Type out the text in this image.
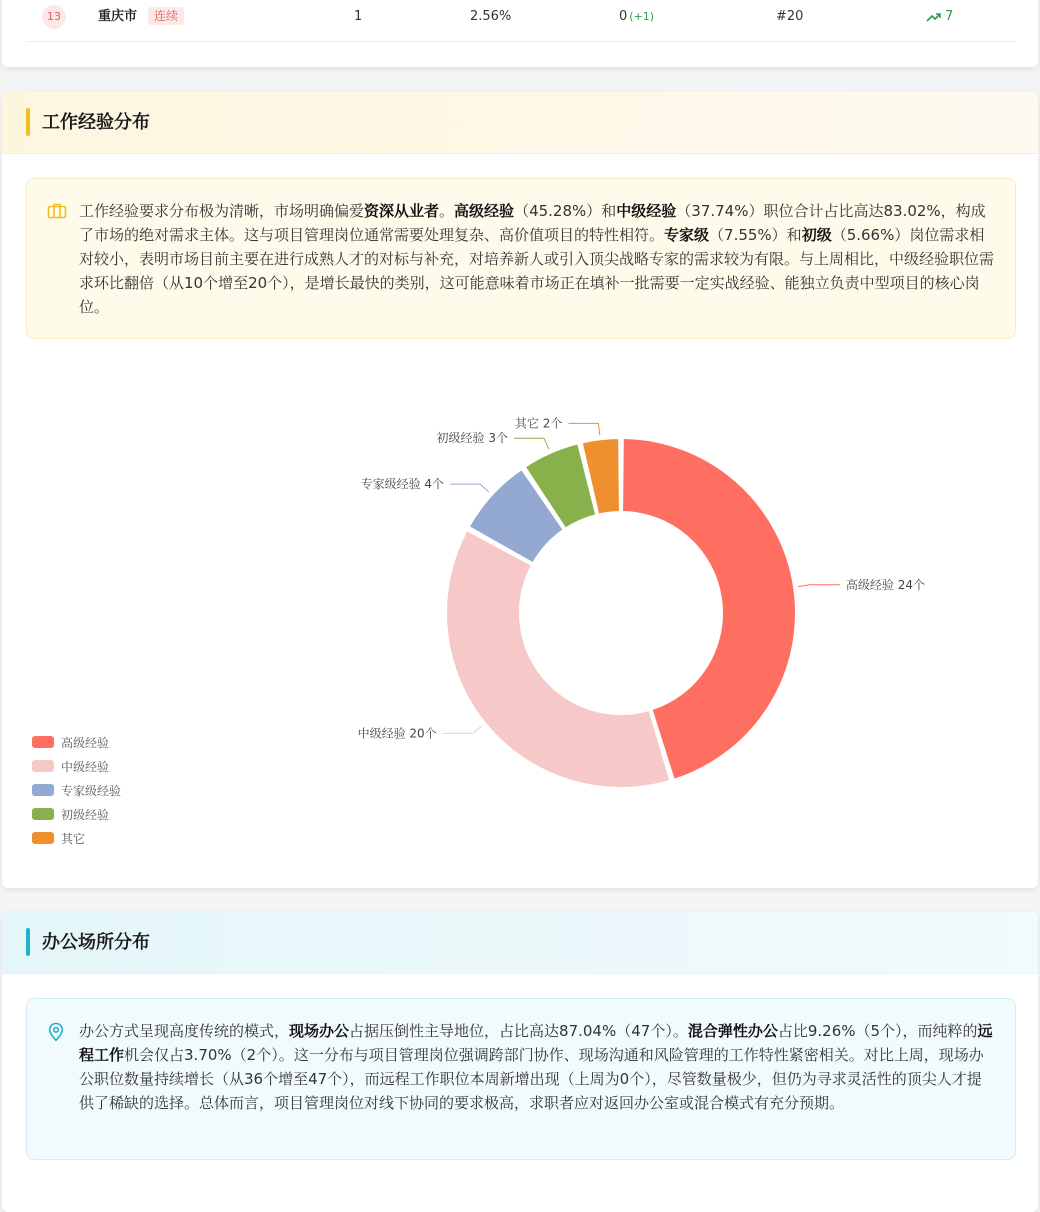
13	重庆市	连续	1	2.56%	0 (+1)	#20	7
工作经验分布

工作经验要求分布极为清晰，市场明确偏爱资深从业者。高级经验（45.28%）和中级经验（37.74%）职位合计占比高达83.02%，构成了市场的绝对需求主体。这与项目管理岗位通常需要处理复杂、高价值项目的特性相符。专家级（7.55%）和初级（5.66%）岗位需求相对较小，表明市场目前主要在进行成熟人才的对标与补充，对培养新人或引入顶尖战略专家的需求较为有限。与上周相比，中级经验职位需求环比翻倍（从10个增至20个），是增长最快的类别，这可能意味着市场正在填补一批需要一定实战经验、能独立负责中型项目的核心岗位。

高级经验 24个
中级经验 20个
专家级经验 4个
初级经验 3个
其它 2个
高级经验
中级经验
专家级经验
初级经验
其它
办公场所分布

办公方式呈现高度传统的模式，现场办公占据压倒性主导地位，占比高达87.04%（47个）。混合弹性办公占比9.26%（5个），而纯粹的远程工作机会仅占3.70%（2个）。这一分布与项目管理岗位强调跨部门协作、现场沟通和风险管理的工作特性紧密相关。对比上周，现场办公职位数量持续增长（从36个增至47个），而远程工作职位本周新增出现（上周为0个），尽管数量极少，但仍为寻求灵活性的顶尖人才提供了稀缺的选择。总体而言，项目管理岗位对线下协同的要求极高，求职者应对返回办公室或混合模式有充分预期。
